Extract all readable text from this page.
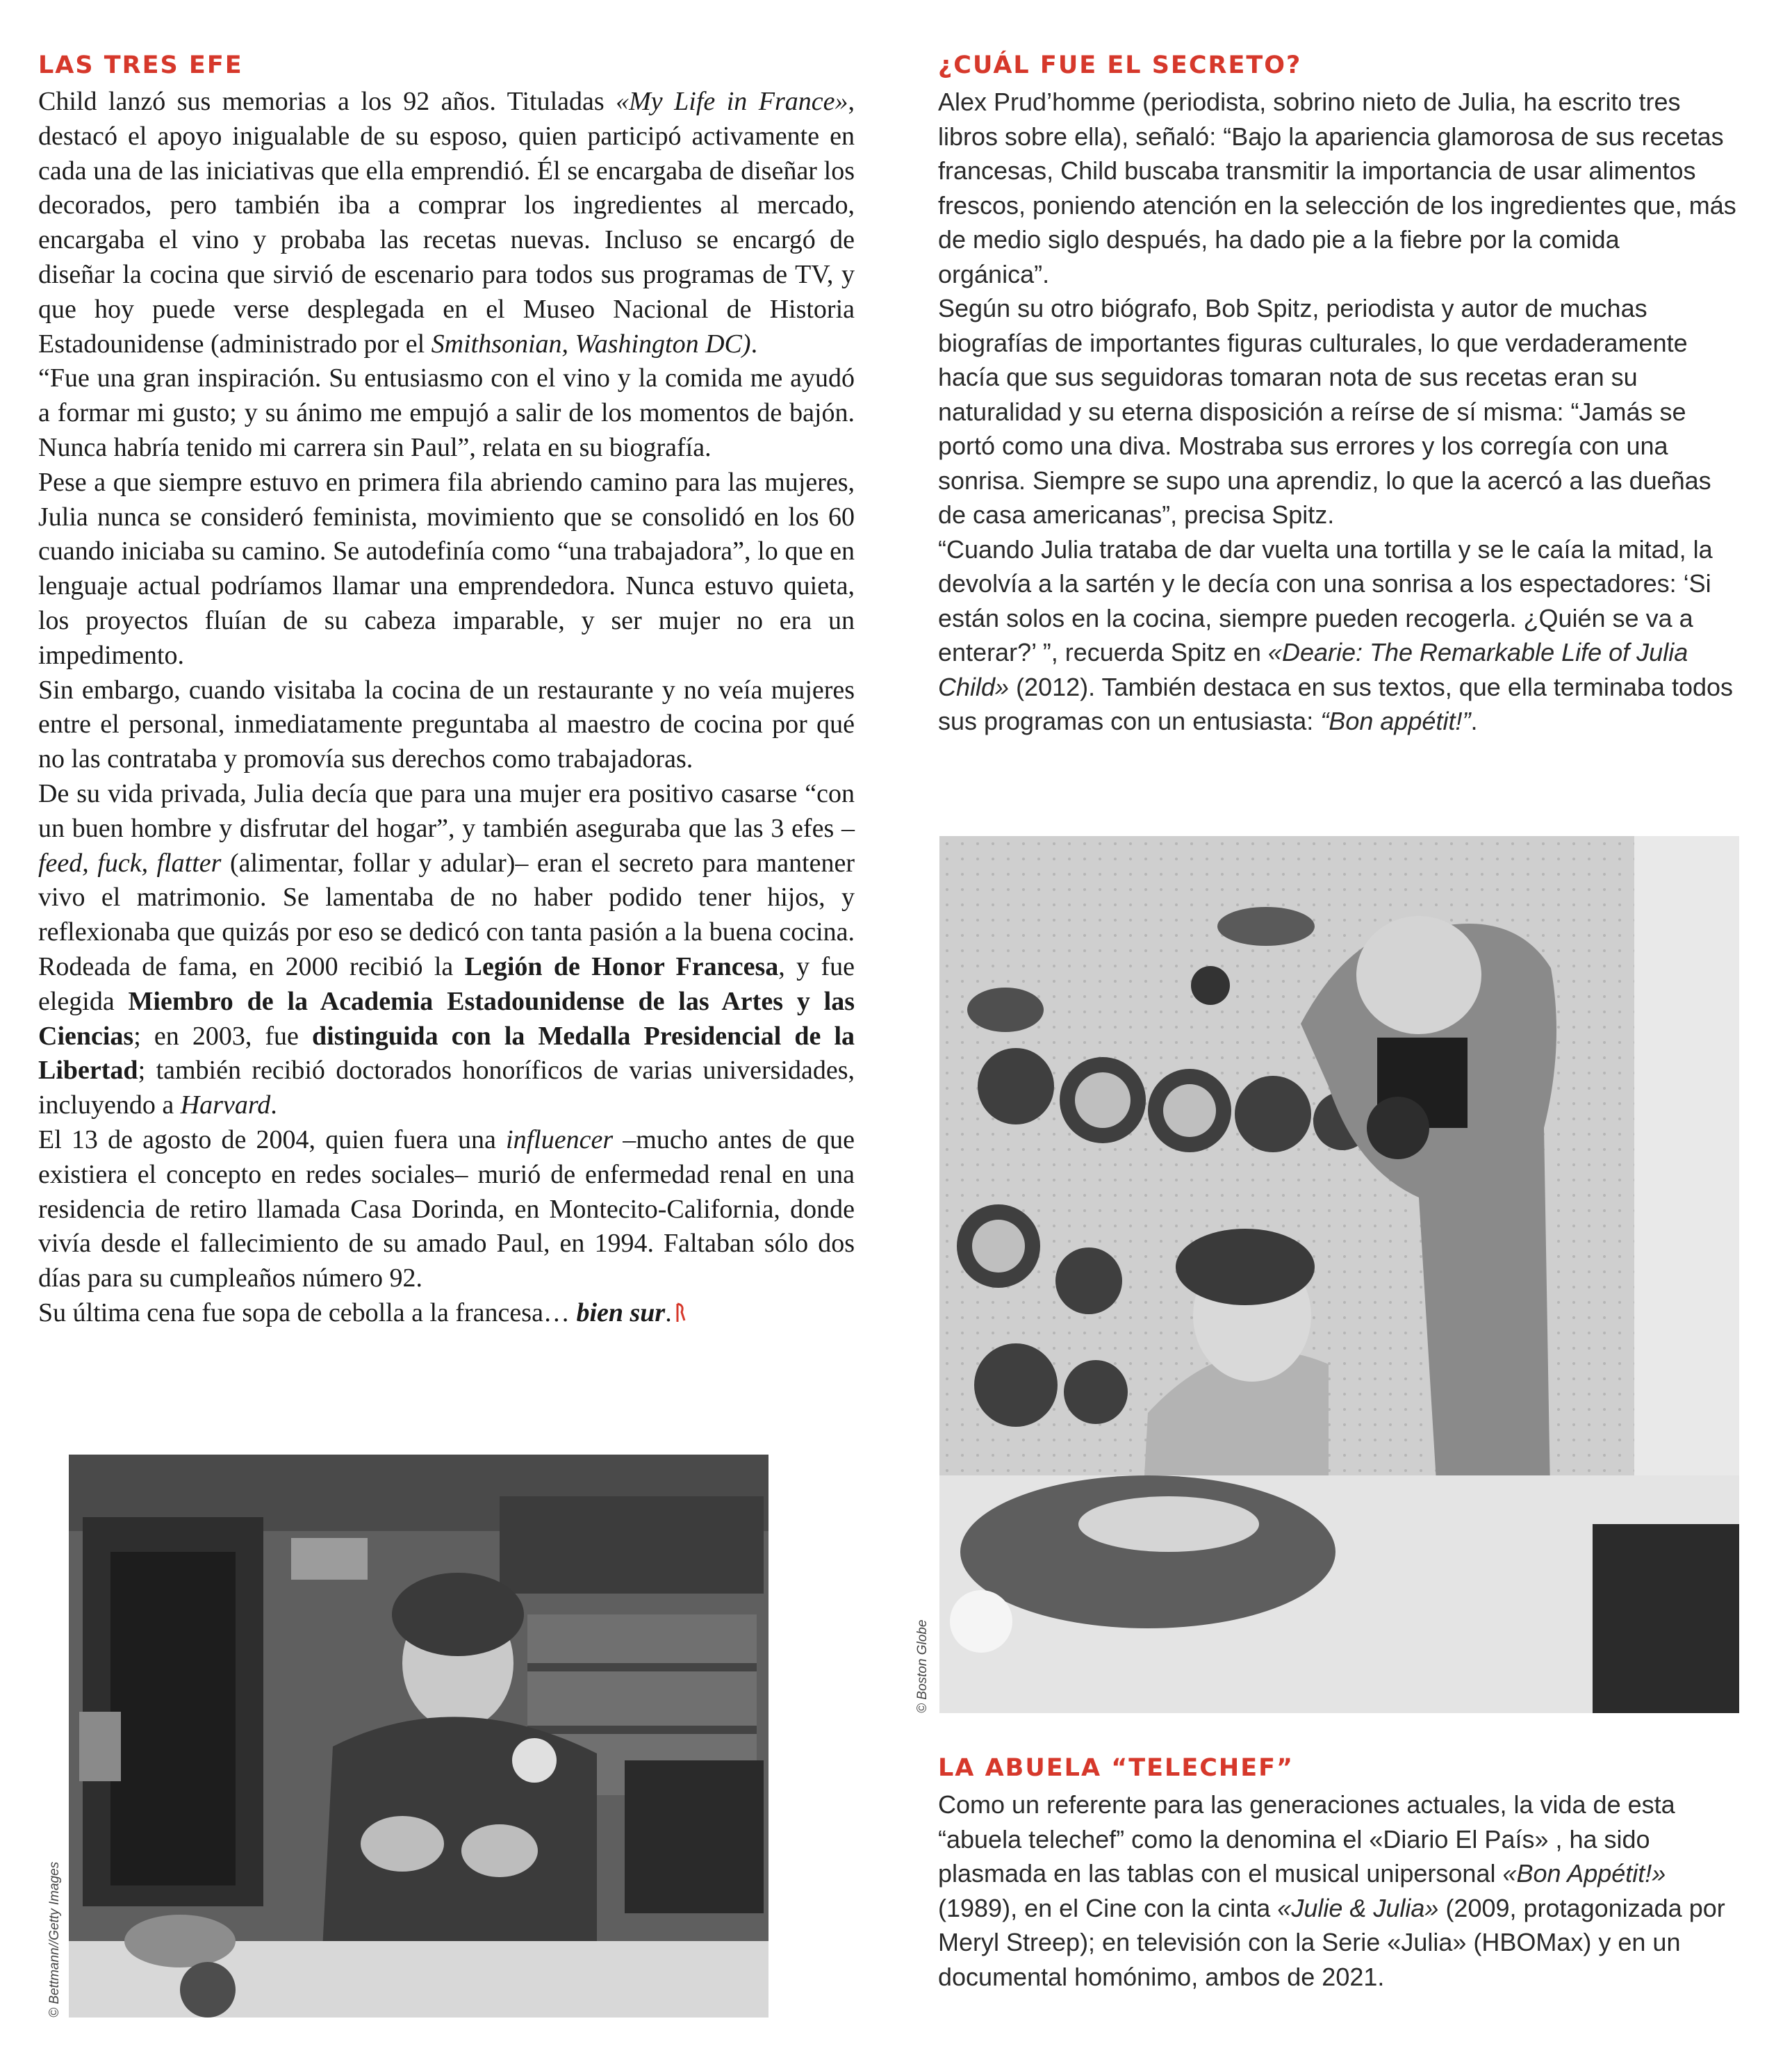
LAS TRES EFE

Child lanzó sus memorias a los 92 años. Tituladas «My Life in France», destacó el apoyo inigualable de su esposo, quien participó activamente en cada una de las iniciativas que ella emprendió. Él se encargaba de diseñar los decorados, pero también iba a comprar los ingredientes al mercado, encargaba el vino y probaba las recetas nuevas. Incluso se encargó de diseñar la cocina que sirvió de escenario para todos sus programas de TV, y que hoy puede verse desplegada en el Museo Nacional de Historia Estadounidense (administrado por el Smithsonian, Washington DC).

“Fue una gran inspiración. Su entusiasmo con el vino y la comida me ayudó a formar mi gusto; y su ánimo me empujó a salir de los momentos de bajón. Nunca habría tenido mi carrera sin Paul”, relata en su biografía.

Pese a que siempre estuvo en primera fila abriendo camino para las mujeres, Julia nunca se consideró feminista, movimiento que se consolidó en los 60 cuando iniciaba su camino. Se autodefinía como “una trabajadora”, lo que en lenguaje actual podríamos llamar una emprendedora. Nunca estuvo quieta, los proyectos fluían de su cabeza imparable, y ser mujer no era un impedimento.

Sin embargo, cuando visitaba la cocina de un restaurante y no veía mujeres entre el personal, inmediatamente preguntaba al maestro de cocina por qué no las contrataba y promovía sus derechos como trabajadoras.

De su vida privada, Julia decía que para una mujer era positivo casarse “con un buen hombre y disfrutar del hogar”, y también aseguraba que las 3 efes –feed, fuck, flatter (alimentar, follar y adular)– eran el secreto para mantener vivo el matrimonio. Se lamentaba de no haber podido tener hijos, y reflexionaba que quizás por eso se dedicó con tanta pasión a la buena cocina. Rodeada de fama, en 2000 recibió la Legión de Honor Francesa, y fue elegida Miembro de la Academia Estadounidense de las Artes y las Ciencias; en 2003, fue distinguida con la Medalla Presidencial de la Libertad; también recibió doctorados honoríficos de varias universidades, incluyendo a Harvard.

El 13 de agosto de 2004, quien fuera una influencer –mucho antes de que existiera el concepto en redes sociales– murió de enfermedad renal en una residencia de retiro llamada Casa Dorinda, en Montecito-California, donde vivía desde el fallecimiento de su amado Paul, en 1994. Faltaban sólo dos días para su cumpleaños número 92.

Su última cena fue sopa de cebolla a la francesa… bien sur.

¿CUÁL FUE EL SECRETO?

Alex Prud’homme (periodista, sobrino nieto de Julia, ha escrito tres libros sobre ella), señaló: “Bajo la apariencia glamorosa de sus recetas francesas, Child buscaba transmitir la importancia de usar alimentos frescos, poniendo atención en la selección de los ingredientes que, más de medio siglo después, ha dado pie a la fiebre por la comida orgánica”.

Según su otro biógrafo, Bob Spitz, periodista y autor de muchas biografías de importantes figuras culturales, lo que verdaderamente hacía que sus seguidoras tomaran nota de sus recetas eran su naturalidad y su eterna disposición a reírse de sí misma: “Jamás se portó como una diva. Mostraba sus errores y los corregía con una sonrisa. Siempre se supo una aprendiz, lo que la acercó a las dueñas de casa americanas”, precisa Spitz.

“Cuando Julia trataba de dar vuelta una tortilla y se le caía la mitad, la devolvía a la sartén y le decía con una sonrisa a los espectadores: ‘Si están solos en la cocina, siempre pueden recogerla. ¿Quién se va a enterar?’ ”, recuerda Spitz en «Dearie: The Remarkable Life of Julia Child» (2012). También destaca en sus textos, que ella terminaba todos sus programas con un entusiasta: “Bon appétit!”.

© Bettmann//Getty Images
© Boston Globe
LA ABUELA “TELECHEF”

Como un referente para las generaciones actuales, la vida de esta “abuela telechef” como la denomina el «Diario El País» , ha sido plasmada en las tablas con el musical unipersonal «Bon Appétit!» (1989), en el Cine con la cinta «Julie & Julia» (2009, protagonizada por Meryl Streep); en televisión con la Serie «Julia» (HBOMax) y en un documental homónimo, ambos de 2021.
